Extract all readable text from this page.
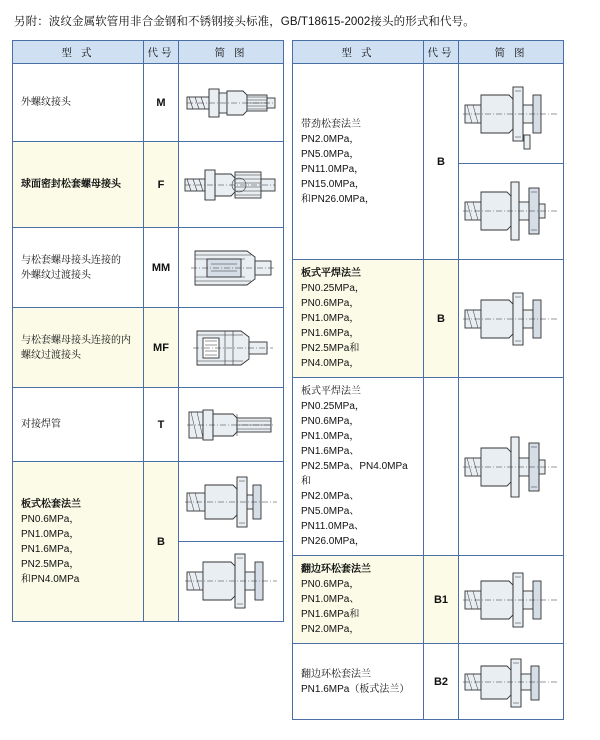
另附：波纹金属软管用非合金钢和不锈钢接头标准，GB/T18615-2002接头的形式和代号。
型 式	代号	简 图

外螺纹接头	M	

球面密封松套螺母接头	F	

与松套螺母接头连接的
外螺纹过渡接头	MM	

与松套螺母接头连接的内
螺纹过渡接头	MF	

对接焊管	T	

板式松套法兰
PN0.6MPa，PN1.0MPa，
PN1.6MPa，PN2.5MPa，
和PN4.0MPa	B	
型 式	代号	简 图

带劲松套法兰
PN2.0MPa，PN5.0MPa，
PN11.0MPa，PN15.0MPa，
和PN26.0MPa，	B	

板式平焊法兰
PN0.25MPa，PN0.6MPa，
PN1.0MPa，PN1.6MPa，
PN2.5MPa和PN4.0MPa，	B	

板式平焊法兰
PN0.25MPa，PN0.6MPa，
PN1.0MPa，PN1.6MPa、
PN2.5MPa、PN4.0MPa 和
PN2.0MPa、PN5.0MPa、
PN11.0MPa、PN26.0MPa，

翻边环松套法兰
PN0.6MPa，PN1.0MPa、
PN1.6MPa和PN2.0MPa，	B1	

翻边环松套法兰
PN1.6MPa（板式法兰）	B2	
